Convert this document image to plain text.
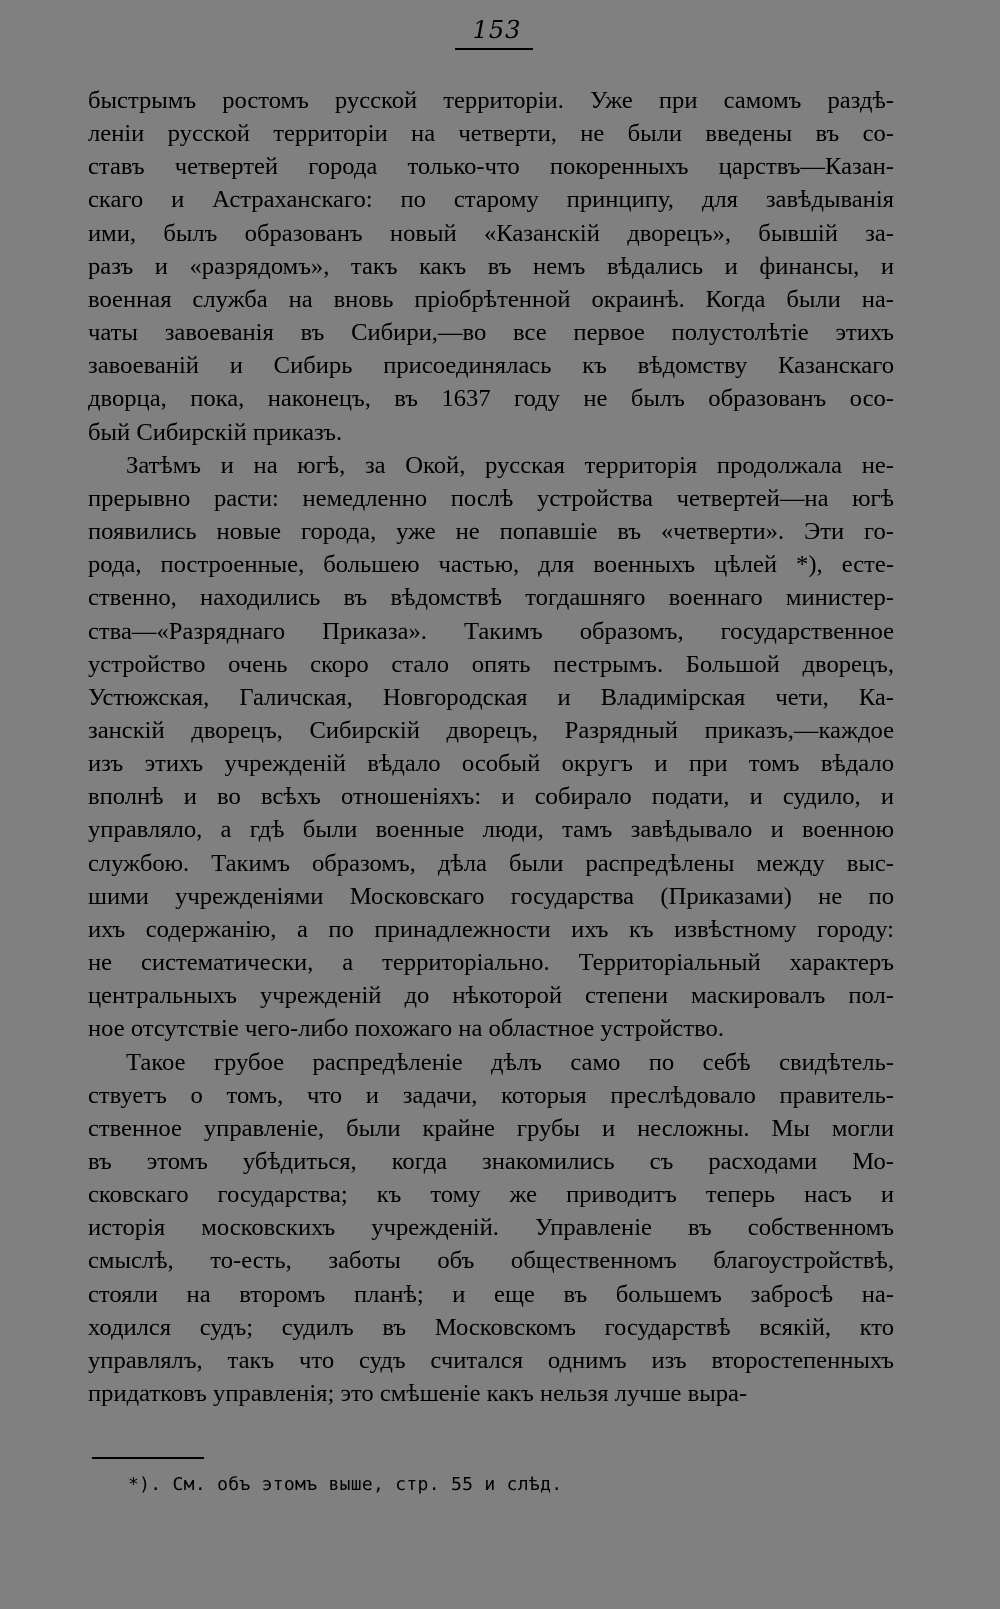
153
быстрымъ ростомъ русской территоріи. Уже при самомъ раздѣ-
леніи русской территоріи на четверти, не были введены въ со-
ставъ четвертей города только-что покоренныхъ царствъ—Казан-
скаго и Астраханскаго: по старому принципу, для завѣдыванія
ими, былъ образованъ новый «Казанскій дворецъ», бывшій за-
разъ и «разрядомъ», такъ какъ въ немъ вѣдались и финансы, и
военная служба на вновь пріобрѣтенной окраинѣ. Когда были на-
чаты завоеванія въ Сибири,—во все первое полустолѣтіе этихъ
завоеваній и Сибирь присоединялась къ вѣдомству Казанскаго
дворца, пока, наконецъ, въ 1637 году не былъ образованъ осо-
бый Сибирскій приказъ.
Затѣмъ и на югѣ, за Окой, русская территорія продолжала не-
прерывно расти: немедленно послѣ устройства четвертей—на югѣ
появились новые города, уже не попавшіе въ «четверти». Эти го-
рода, построенные, большею частью, для военныхъ цѣлей *), есте-
ственно, находились въ вѣдомствѣ тогдашняго военнаго министер-
ства—«Разряднаго Приказа». Такимъ образомъ, государственное
устройство очень скоро стало опять пестрымъ. Большой дворецъ,
Устюжская, Галичская, Новгородская и Владимірская чети, Ка-
занскій дворецъ, Сибирскій дворецъ, Разрядный приказъ,—каждое
изъ этихъ учрежденій вѣдало особый округъ и при томъ вѣдало
вполнѣ и во всѣхъ отношеніяхъ: и собирало подати, и судило, и
управляло, а гдѣ были военные люди, тамъ завѣдывало и военною
службою. Такимъ образомъ, дѣла были распредѣлены между выс-
шими учрежденіями Московскаго государства (Приказами) не по
ихъ содержанію, а по принадлежности ихъ къ извѣстному городу:
не систематически, а территоріально. Территоріальный характеръ
центральныхъ учрежденій до нѣкоторой степени маскировалъ пол-
ное отсутствіе чего-либо похожаго на областное устройство.
Такое грубое распредѣленіе дѣлъ само по себѣ свидѣтель-
ствуетъ о томъ, что и задачи, которыя преслѣдовало правитель-
ственное управленіе, были крайне грубы и несложны. Мы могли
въ этомъ убѣдиться, когда знакомились съ расходами Мо-
сковскаго государства; къ тому же приводитъ теперь насъ и
исторія московскихъ учрежденій. Управленіе въ собственномъ
смыслѣ, то-есть, заботы объ общественномъ благоустройствѣ,
стояли на второмъ планѣ; и еще въ большемъ забросѣ на-
ходился судъ; судилъ въ Московскомъ государствѣ всякій, кто
управлялъ, такъ что судъ считался однимъ изъ второстепенныхъ
придатковъ управленія; это смѣшеніе какъ нельзя лучше выра-
*). См. объ этомъ выше, стр. 55 и слѣд.
